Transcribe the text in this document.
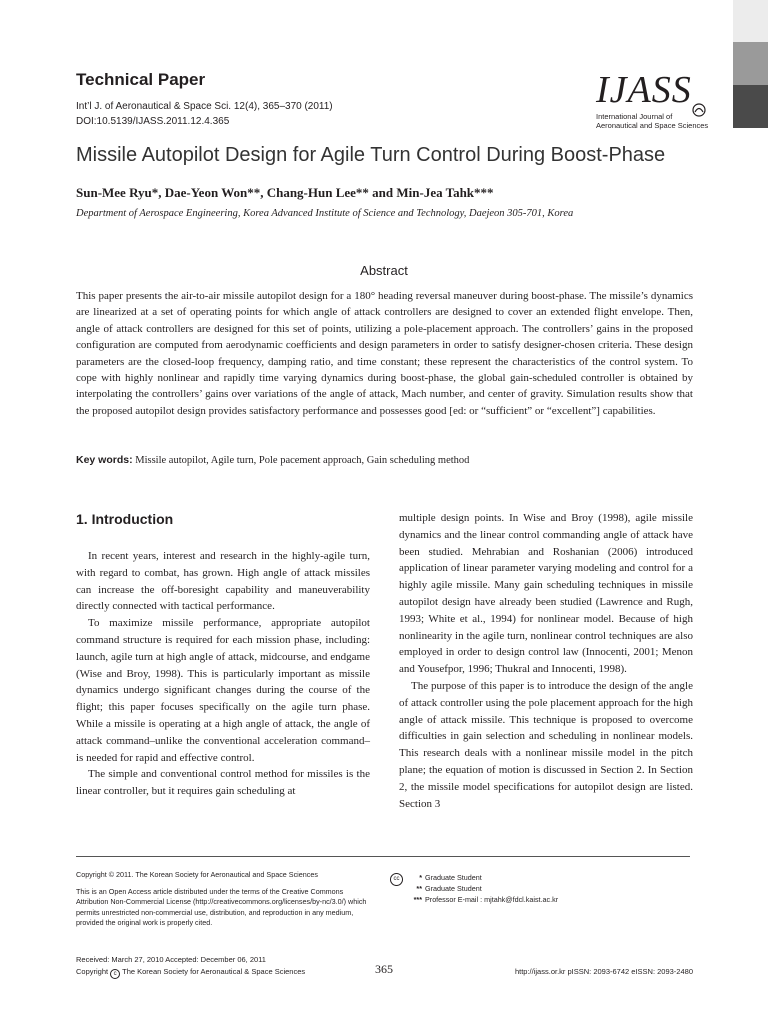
Technical Paper
Int’l J. of Aeronautical & Space Sci. 12(4), 365–370 (2011)
DOI:10.5139/IJASS.2011.12.4.365
IJASS
International Journal of
Aeronautical and Space Sciences
Missile Autopilot Design for Agile Turn Control During Boost-Phase
Sun-Mee Ryu*, Dae-Yeon Won**, Chang-Hun Lee** and Min-Jea Tahk***
Department of Aerospace Engineering, Korea Advanced Institute of Science and Technology, Daejeon 305-701, Korea
Abstract
This paper presents the air-to-air missile autopilot design for a 180° heading reversal maneuver during boost-phase. The missile’s dynamics are linearized at a set of operating points for which angle of attack controllers are designed to cover an extended flight envelope. Then, angle of attack controllers are designed for this set of points, utilizing a pole-placement approach. The controllers’ gains in the proposed configuration are computed from aerodynamic coefficients and design parameters in order to satisfy designer-chosen criteria. These design parameters are the closed-loop frequency, damping ratio, and time constant; these represent the characteristics of the control system. To cope with highly nonlinear and rapidly time varying dynamics during boost-phase, the global gain-scheduled controller is obtained by interpolating the controllers’ gains over variations of the angle of attack, Mach number, and center of gravity. Simulation results show that the proposed autopilot design provides satisfactory performance and possesses good [ed: or “sufficient” or “excellent”] capabilities.
Key words: Missile autopilot, Agile turn, Pole pacement approach, Gain scheduling method
1. Introduction

In recent years, interest and research in the highly-agile turn, with regard to combat, has grown. High angle of attack missiles can increase the off-boresight capability and maneuverability directly connected with tactical performance.

To maximize missile performance, appropriate autopilot command structure is required for each mission phase, including: launch, agile turn at high angle of attack, midcourse, and endgame (Wise and Broy, 1998). This is particularly important as missile dynamics undergo significant changes during the course of the flight; this paper focuses specifically on the agile turn phase. While a missile is operating at a high angle of attack, the angle of attack command–unlike the conventional acceleration command–is needed for rapid and effective control.

The simple and conventional control method for missiles is the linear controller, but it requires gain scheduling at

multiple design points. In Wise and Broy (1998), agile missile dynamics and the linear control commanding angle of attack have been studied. Mehrabian and Roshanian (2006) introduced application of linear parameter varying modeling and control for a highly agile missile. Many gain scheduling techniques in missile autopilot design have already been studied (Lawrence and Rugh, 1993; White et al., 1994) for nonlinear model. Because of high nonlinearity in the agile turn, nonlinear control techniques are also employed in order to design control law (Innocenti, 2001; Menon and Yousefpor, 1996; Thukral and Innocenti, 1998).

The purpose of this paper is to introduce the design of the angle of attack controller using the pole placement approach for the high angle of attack missile. This technique is proposed to overcome difficulties in gain selection and scheduling in nonlinear models. This research deals with a nonlinear missile model in the pitch plane; the equation of motion is discussed in Section 2. In Section 2, the missile model specifications for autopilot design are listed. Section 3

Copyright © 2011. The Korean Society for Aeronautical and Space Sciences

This is an Open Access article distributed under the terms of the Creative Commons Attribution Non-Commercial License (http://creativecommons.org/licenses/by-nc/3.0/) which permits unrestricted non-commercial use, distribution, and reproduction in any medium, provided the original work is properly cited.

cc	* Graduate Student
** Graduate Student
*** Professor E-mail : mjtahk@fdcl.kaist.ac.kr
Received: March 27, 2010 Accepted: December 06, 2011
Copyright c The Korean Society for Aeronautical & Space Sciences	365	http://ijass.or.kr pISSN: 2093-6742 eISSN: 2093-2480
